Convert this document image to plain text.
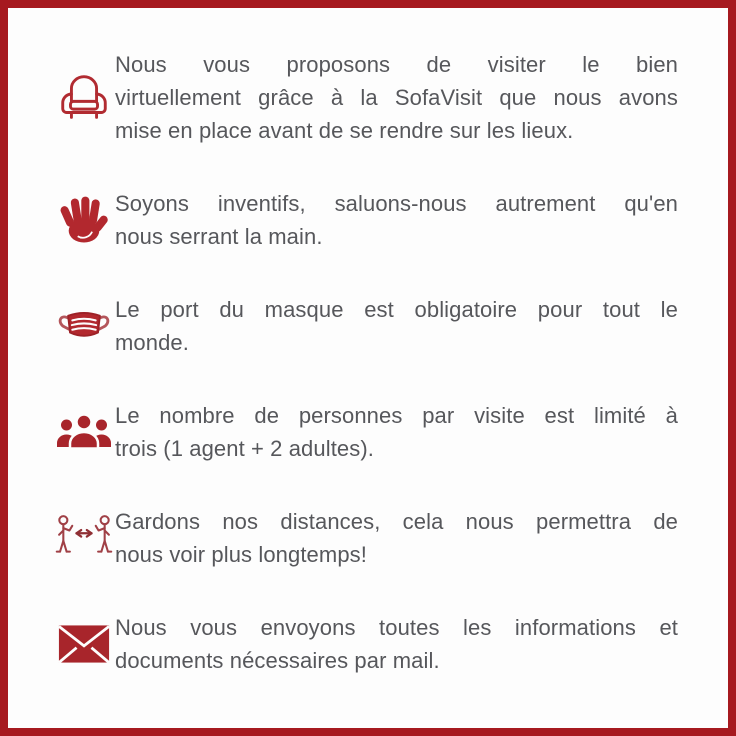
Nous vous proposons de visiter le bien
virtuellement grâce à la SofaVisit que nous avons
mise en place avant de se rendre sur les lieux.
Soyons inventifs, saluons-nous autrement qu'en
nous serrant la main.
Le port du masque est obligatoire pour tout le
monde.
Le nombre de personnes par visite est limité à
trois (1 agent + 2 adultes).
Gardons nos distances, cela nous permettra de
nous voir plus longtemps!
Nous vous envoyons toutes les informations et
documents nécessaires par mail.
